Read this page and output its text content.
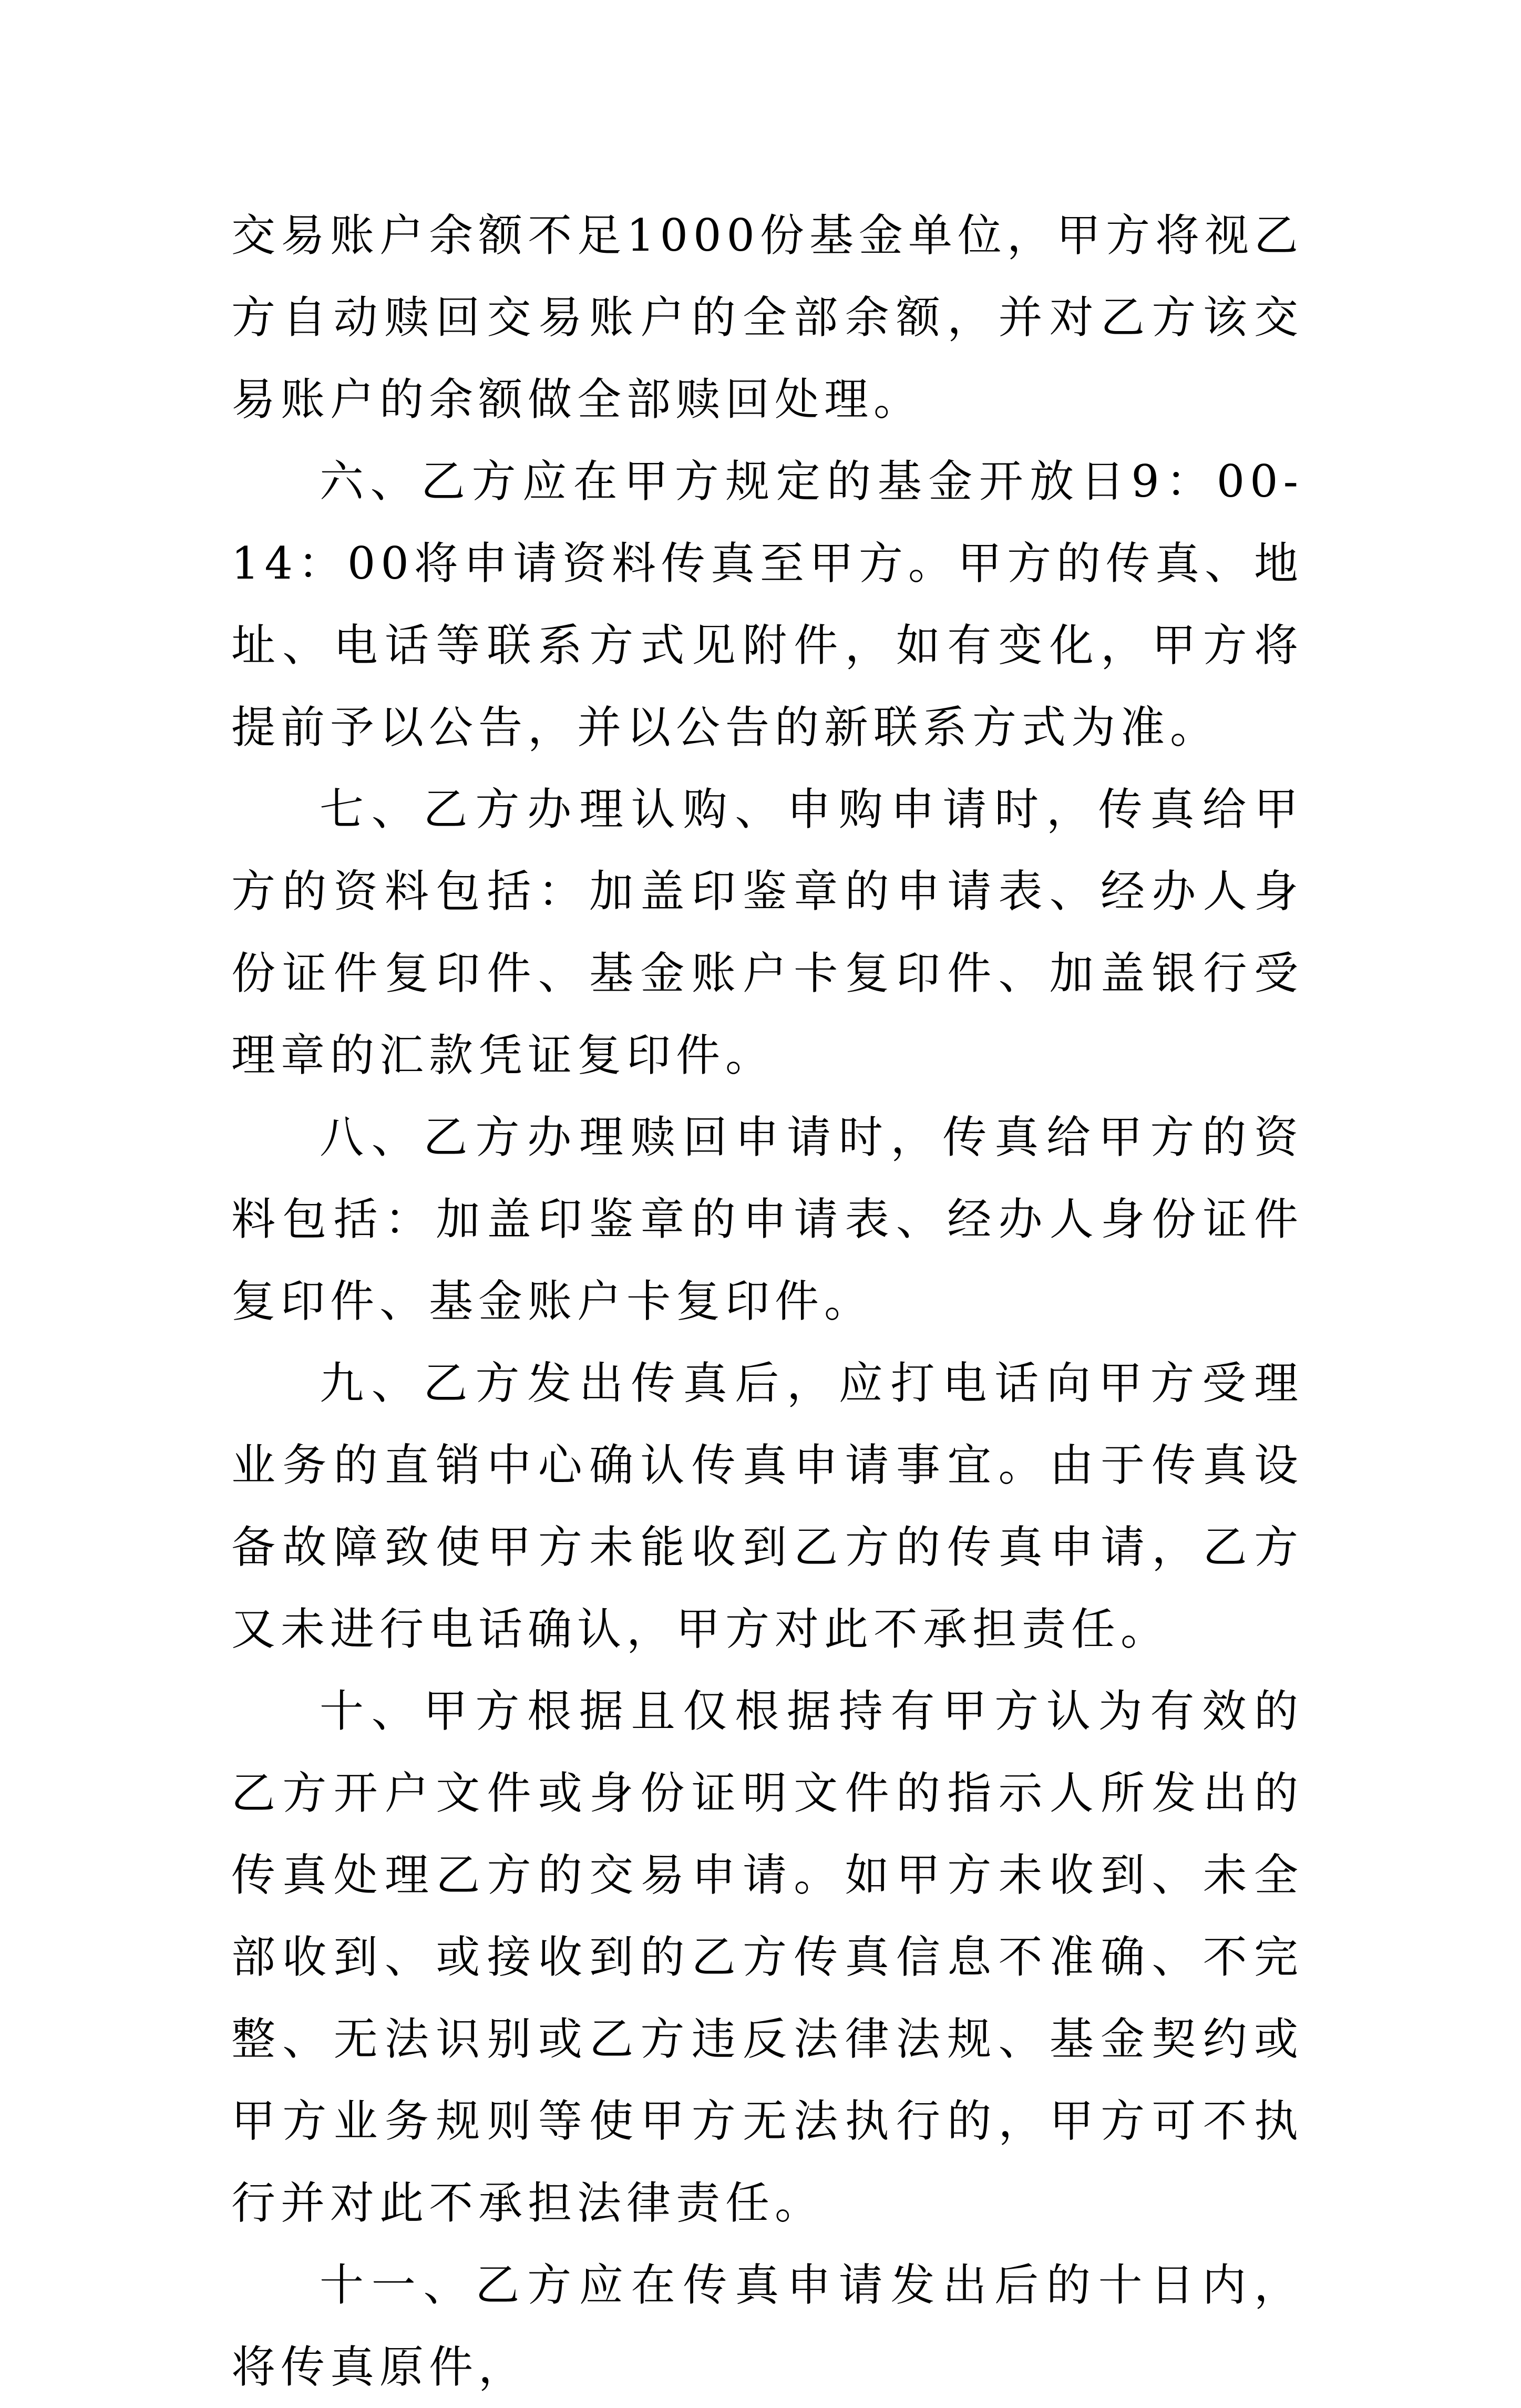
交易账户余额不足1000份基金单位，甲方将视乙方自动赎回交易账户的全部余额，并对乙方该交易账户的余额做全部赎回处理。

六、乙方应在甲方规定的基金开放日9：00-14：00将申请资料传真至甲方。甲方的传真、地址、电话等联系方式见附件，如有变化，甲方将提前予以公告，并以公告的新联系方式为准。

七、乙方办理认购、申购申请时，传真给甲方的资料包括：加盖印鉴章的申请表、经办人身份证件复印件、基金账户卡复印件、加盖银行受理章的汇款凭证复印件。

八、乙方办理赎回申请时，传真给甲方的资料包括：加盖印鉴章的申请表、经办人身份证件复印件、基金账户卡复印件。

九、乙方发出传真后，应打电话向甲方受理业务的直销中心确认传真申请事宜。由于传真设备故障致使甲方未能收到乙方的传真申请，乙方又未进行电话确认，甲方对此不承担责任。

十、甲方根据且仅根据持有甲方认为有效的乙方开户文件或身份证明文件的指示人所发出的传真处理乙方的交易申请。如甲方未收到、未全部收到、或接收到的乙方传真信息不准确、不完整、无法识别或乙方违反法律法规、基金契约或甲方业务规则等使甲方无法执行的，甲方可不执行并对此不承担法律责任。

十一、乙方应在传真申请发出后的十日内，将传真原件，
